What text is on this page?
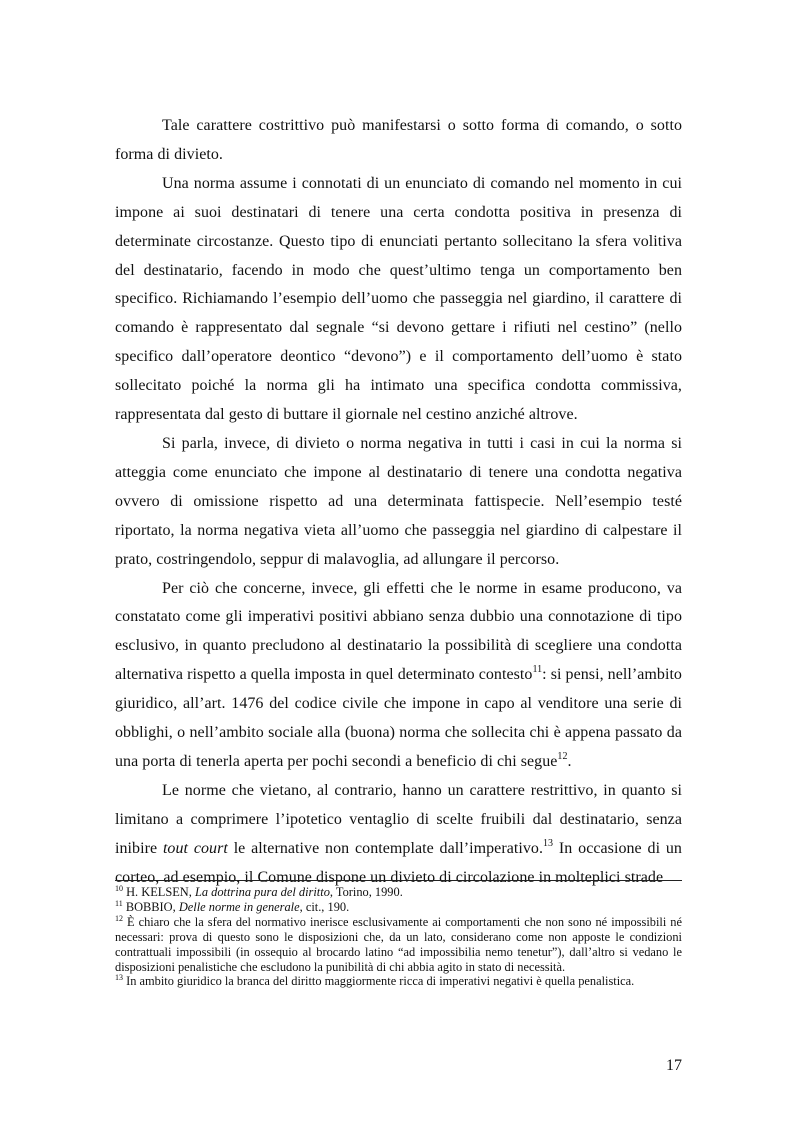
Tale carattere costrittivo può manifestarsi o sotto forma di comando, o sotto forma di divieto.

Una norma assume i connotati di un enunciato di comando nel momento in cui impone ai suoi destinatari di tenere una certa condotta positiva in presenza di determinate circostanze. Questo tipo di enunciati pertanto sollecitano la sfera volitiva del destinatario, facendo in modo che quest’ultimo tenga un comportamento ben specifico. Richiamando l’esempio dell’uomo che passeggia nel giardino, il carattere di comando è rappresentato dal segnale “si devono gettare i rifiuti nel cestino” (nello specifico dall’operatore deontico “devono”) e il comportamento dell’uomo è stato sollecitato poiché la norma gli ha intimato una specifica condotta commissiva, rappresentata dal gesto di buttare il giornale nel cestino anziché altrove.

Si parla, invece, di divieto o norma negativa in tutti i casi in cui la norma si atteggia come enunciato che impone al destinatario di tenere una condotta negativa ovvero di omissione rispetto ad una determinata fattispecie. Nell’esempio testé riportato, la norma negativa vieta all’uomo che passeggia nel giardino di calpestare il prato, costringendolo, seppur di malavoglia, ad allungare il percorso.

Per ciò che concerne, invece, gli effetti che le norme in esame producono, va constatato come gli imperativi positivi abbiano senza dubbio una connotazione di tipo esclusivo, in quanto precludono al destinatario la possibilità di scegliere una condotta alternativa rispetto a quella imposta in quel determinato contesto$^{11}$: si pensi, nell’ambito giuridico, all’art. 1476 del codice civile che impone in capo al venditore una serie di obblighi, o nell’ambito sociale alla (buona) norma che sollecita chi è appena passato da una porta di tenerla aperta per pochi secondi a beneficio di chi segue$^{12}$.

Le norme che vietano, al contrario, hanno un carattere restrittivo, in quanto si limitano a comprimere l’ipotetico ventaglio di scelte fruibili dal destinatario, senza inibire tout court le alternative non contemplate dall’imperativo.$^{13}$ In occasione di un corteo, ad esempio, il Comune dispone un divieto di circolazione in molteplici strade

$^{10}$ H. KELSEN, La dottrina pura del diritto, Torino, 1990.

$^{11}$ BOBBIO, Delle norme in generale, cit., 190.

$^{12}$ È chiaro che la sfera del normativo inerisce esclusivamente ai comportamenti che non sono né impossibili né necessari: prova di questo sono le disposizioni che, da un lato, considerano come non apposte le condizioni contrattuali impossibili (in ossequio al brocardo latino “ad impossibilia nemo tenetur”), dall’altro si vedano le disposizioni penalistiche che escludono la punibilità di chi abbia agito in stato di necessità.

$^{13}$ In ambito giuridico la branca del diritto maggiormente ricca di imperativi negativi è quella penalistica.

17
